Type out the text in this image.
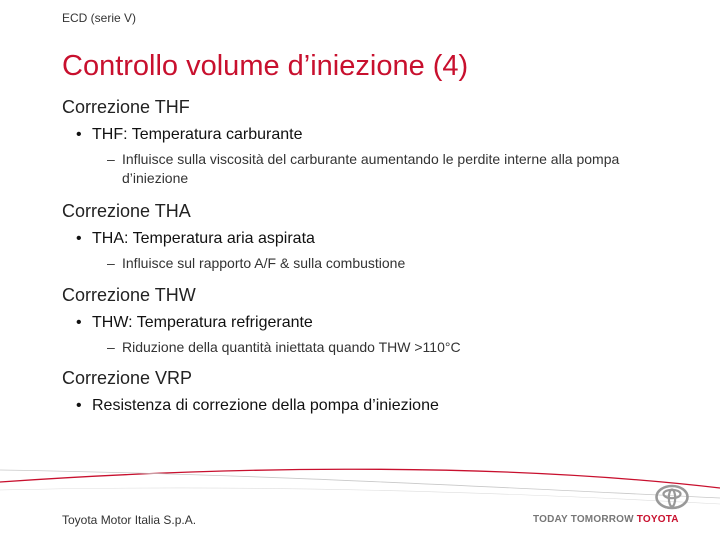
ECD (serie V)
Controllo volume d’iniezione (4)
Correzione THF
• THF: Temperatura carburante
– Influisce sulla viscosità del carburante aumentando le perdite interne alla pompa d’iniezione
Correzione THA
• THA: Temperatura aria aspirata
– Influisce sul rapporto A/F & sulla combustione
Correzione THW
• THW: Temperatura refrigerante
– Riduzione della quantità iniettata quando THW >110°C
Correzione VRP
• Resistenza di correzione della pompa d’iniezione
Toyota Motor Italia S.p.A.	TODAY TOMORROW TOYOTA
